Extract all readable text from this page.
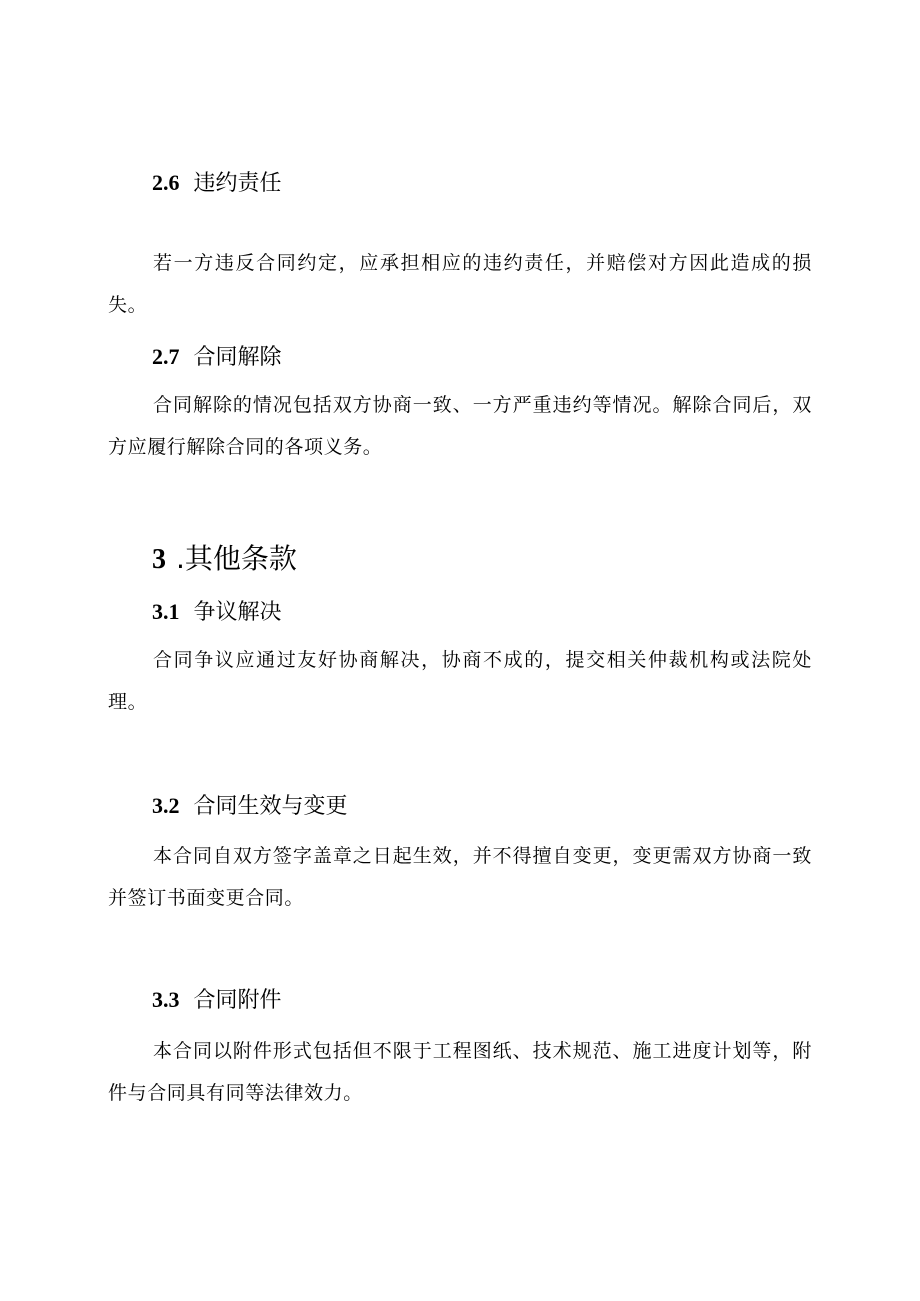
2.6 违约责任

若一方违反合同约定，应承担相应的违约责任，并赔偿对方因此造成的损失。

2.7 合同解除

合同解除的情况包括双方协商一致、一方严重违约等情况。解除合同后，双方应履行解除合同的各项义务。

3 .其他条款
3.1 争议解决

合同争议应通过友好协商解决，协商不成的，提交相关仲裁机构或法院处理。

3.2 合同生效与变更

本合同自双方签字盖章之日起生效，并不得擅自变更，变更需双方协商一致并签订书面变更合同。

3.3 合同附件

本合同以附件形式包括但不限于工程图纸、技术规范、施工进度计划等，附件与合同具有同等法律效力。
